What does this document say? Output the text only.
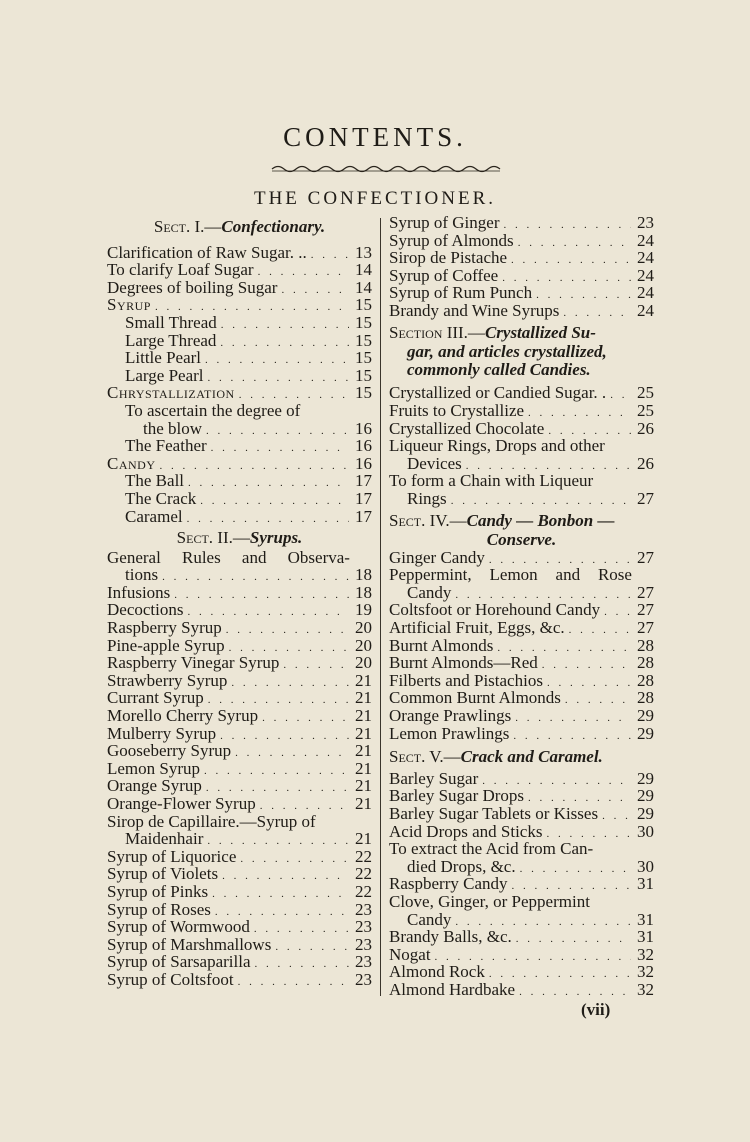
CONTENTS.
THE CONFECTIONER.
Sect. I.—Confectionary.
Clarification of Raw Sugar. .. . . .	13
To clarify Loaf Sugar . . .	14
Degrees of boiling Sugar . . .	14
Syrup . . .	15
Small Thread . . .	15
Large Thread . . .	15
Little Pearl . . .	15
Large Pearl . . .	15
Chrystallization . . .	15
To ascertain the degree of
the blow . . .	16
The Feather . . .	16
Candy . . .	16
The Ball . . .	17
The Crack . . .	17
Caramel . . .	17
Sect. II.—Syrups.
General Rules and Observa-
tions . . .	18
Infusions . . .	18
Decoctions . . .	19
Raspberry Syrup . . .	20
Pine-apple Syrup . . .	20
Raspberry Vinegar Syrup . . .	20
Strawberry Syrup . . .	21
Currant Syrup . . .	21
Morello Cherry Syrup . . .	21
Mulberry Syrup . . .	21
Gooseberry Syrup . . .	21
Lemon Syrup . . .	21
Orange Syrup . . .	21
Orange-Flower Syrup . . .	21
Sirop de Capillaire.—Syrup of
Maidenhair . . .	21
Syrup of Liquorice . . .	22
Syrup of Violets . . .	22
Syrup of Pinks . . .	22
Syrup of Roses . . .	23
Syrup of Wormwood . . .	23
Syrup of Marshmallows . . .	23
Syrup of Sarsaparilla . . .	23
Syrup of Coltsfoot . . .	23
Syrup of Ginger . . .	23
Syrup of Almonds . . .	24
Sirop de Pistache . . .	24
Syrup of Coffee . . .	24
Syrup of Rum Punch . . .	24
Brandy and Wine Syrups . . .	24
Section III.—Crystallized Su-
gar, and articles crystallized,
commonly called Candies.
Crystallized or Candied Sugar. . . . . 25
Fruits to Crystallize . . .	25
Crystallized Chocolate . . .	26
Liqueur Rings, Drops and other
Devices . . .	26
To form a Chain with Liqueur
Rings . . .	27
Sect. IV.—Candy — Bonbon —
Conserve.
Ginger Candy . . .	27
Peppermint, Lemon and Rose
Candy . . .	27
Coltsfoot or Horehound Candy . . . 27
Artificial Fruit, Eggs, &c. . . .	27
Burnt Almonds . . .	28
Burnt Almonds—Red . . .	28
Filberts and Pistachios . . .	28
Common Burnt Almonds . . .	28
Orange Prawlings . . .	29
Lemon Prawlings . . .	29
Sect. V.—Crack and Caramel.
Barley Sugar . . .	29
Barley Sugar Drops . . .	29
Barley Sugar Tablets or Kisses . . . 29
Acid Drops and Sticks . . .	30
To extract the Acid from Can-
died Drops, &c. . . .	30
Raspberry Candy . . .	31
Clove, Ginger, or Peppermint
Candy . . .	31
Brandy Balls, &c. . . .	31
Nogat . . .	32
Almond Rock . . .	32
Almond Hardbake . . .	32
(vii)
